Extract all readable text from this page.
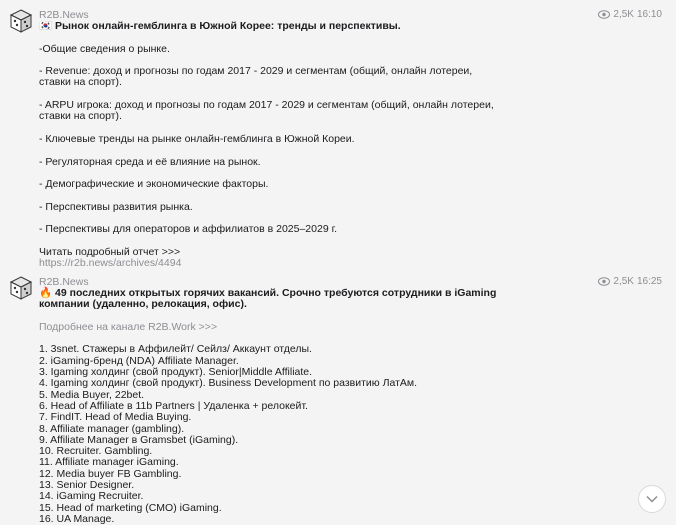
R2B.News	2,5K 16:10

🇰🇷 Рынок онлайн-гемблинга в Южной Корее: тренды и перспективы.

-Общие сведения о рынке.

- Revenue: доход и прогнозы по годам 2017 - 2029 и сегментам (общий, онлайн лотереи, ставки на спорт).

- ARPU игрока: доход и прогнозы по годам 2017 - 2029 и сегментам (общий, онлайн лотереи, ставки на спорт).

- Ключевые тренды на рынке онлайн-гемблинга в Южной Кореи.

- Регуляторная среда и её влияние на рынок.

- Демографические и экономические факторы.

- Перспективы развития рынка.

- Перспективы для операторов и аффилиатов в 2025–2029 г.

Читать подробный отчет >>>

https://r2b.news/archives/4494

R2B.News	2,5K 16:25

🔥 49 последних открытых горячих вакансий. Срочно требуются сотрудники в iGaming компании (удаленно, релокация, офис).

Подробнее на канале R2B.Work >>>

1. 3snet. Стажеры в Аффилейт/ Сейлз/ Аккаунт отделы.

2. iGaming-бренд (NDA) Affiliate Manager.

3. Igaming холдинг (свой продукт). Senior|Middle Affiliate.

4. Igaming холдинг (свой продукт). Business Development по развитию ЛатАм.

5. Media Buyer, 22bet.

6. Head of Affiliate в 11b Partners | Удаленка + релокейт.

7. FindIT. Head of Media Buying.

8. Affiliate manager (gambling).

9. Affiliate Manager в Gramsbet (iGaming).

10. Recruiter. Gambling.

11. Affiliate manager iGaming.

12. Media buyer FB Gambling.

13. Senior Designer.

14. iGaming Recruiter.

15. Head of marketing (CMO) iGaming.

16. UA Manage.
